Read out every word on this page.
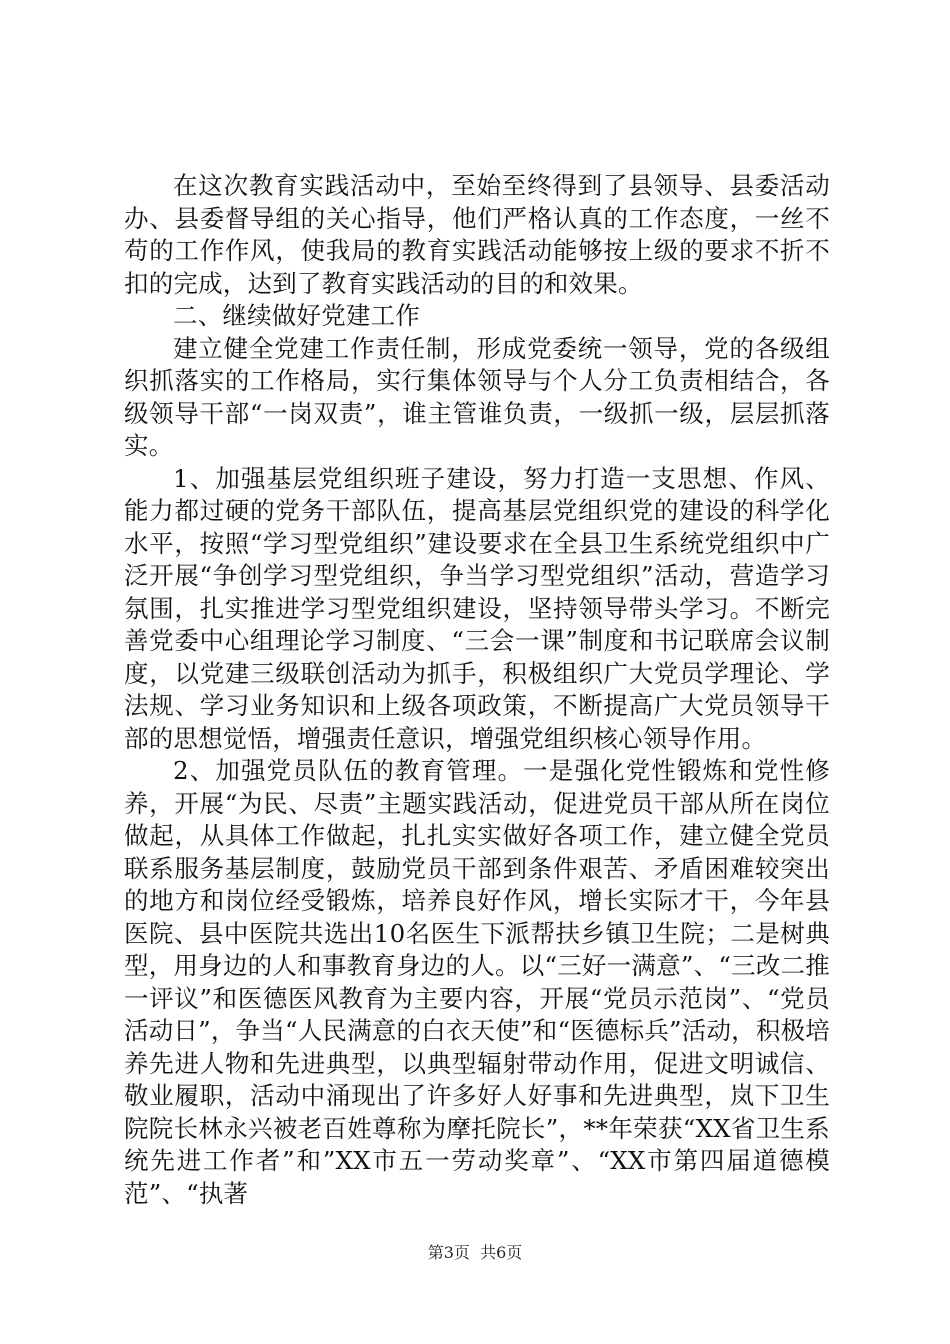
在这次教育实践活动中，至始至终得到了县领导、县委活动办、县委督导组的关心指导，他们严格认真的工作态度，一丝不苟的工作作风，使我局的教育实践活动能够按上级的要求不折不扣的完成，达到了教育实践活动的目的和效果。

二、继续做好党建工作

建立健全党建工作责任制，形成党委统一领导，党的各级组织抓落实的工作格局，实行集体领导与个人分工负责相结合，各级领导干部“一岗双责”，谁主管谁负责，一级抓一级，层层抓落实。

1、加强基层党组织班子建设，努力打造一支思想、作风、能力都过硬的党务干部队伍，提高基层党组织党的建设的科学化水平，按照“学习型党组织”建设要求在全县卫生系统党组织中广泛开展“争创学习型党组织，争当学习型党组织”活动，营造学习氛围，扎实推进学习型党组织建设，坚持领导带头学习。不断完善党委中心组理论学习制度、“三会一课”制度和书记联席会议制度，以党建三级联创活动为抓手，积极组织广大党员学理论、学法规、学习业务知识和上级各项政策，不断提高广大党员领导干部的思想觉悟，增强责任意识，增强党组织核心领导作用。

2、加强党员队伍的教育管理。一是强化党性锻炼和党性修养，开展“为民、尽责”主题实践活动，促进党员干部从所在岗位做起，从具体工作做起，扎扎实实做好各项工作，建立健全党员联系服务基层制度，鼓励党员干部到条件艰苦、矛盾困难较突出的地方和岗位经受锻炼，培养良好作风，增长实际才干，今年县医院、县中医院共选出10名医生下派帮扶乡镇卫生院；二是树典型，用身边的人和事教育身边的人。以“三好一满意”、“三改二推一评议”和医德医风教育为主要内容，开展“党员示范岗”、“党员活动日”，争当“人民满意的白衣天使”和“医德标兵”活动，积极培养先进人物和先进典型，以典型辐射带动作用，促进文明诚信、敬业履职，活动中涌现出了许多好人好事和先进典型，岚下卫生院院长林永兴被老百姓尊称为摩托院长”，**年荣获“XX省卫生系统先进工作者”和”XX市五一劳动奖章”、“XX市第四届道德模范”、“执著

第3页  共6页
